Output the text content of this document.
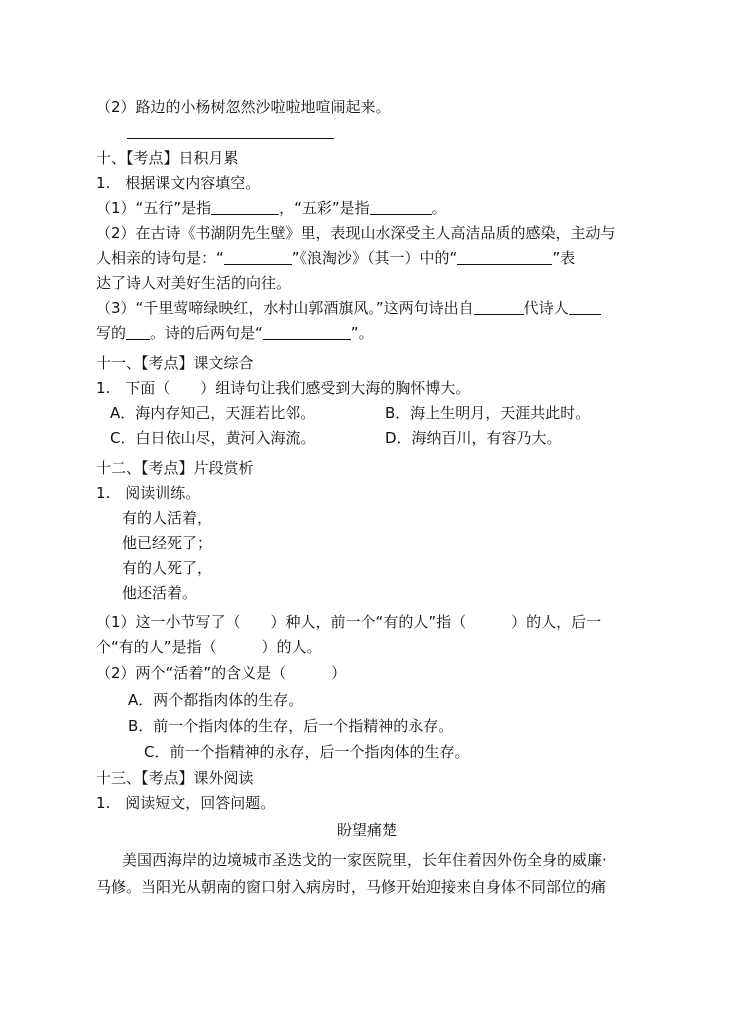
（2）路边的小杨树忽然沙啦啦地喧闹起来。
十、【考点】日积月累
1.　根据课文内容填空。
（1）“五行”是指	，“五彩”是指	。
（2）在古诗《书湖阴先生壁》里，表现山水深受主人高洁品质的感染，主动与
人相亲的诗句是：“	”《浪淘沙》（其一）中的“	”表
达了诗人对美好生活的向往。
（3）“千里莺啼绿映红，水村山郭酒旗风。”这两句诗出自	代诗人
写的 。诗的后两句是“	”。
十一、【考点】课文综合
1.　下面（　　）组诗句让我们感受到大海的胸怀博大。
A．海内存知己，天涯若比邻。	B．海上生明月，天涯共此时。
C．白日依山尽，黄河入海流。	D．海纳百川，有容乃大。
十二、【考点】片段赏析
1.　阅读训练。
有的人活着，
他已经死了；
有的人死了，
他还活着。
（1）这一小节写了（　　）种人，前一个“有的人”指（　　　）的人，后一
个“有的人”是指（　　　）的人。
（2）两个“活着”的含义是（　　　）
A．两个都指肉体的生存。
B．前一个指肉体的生存，后一个指精神的永存。
C．前一个指精神的永存，后一个指肉体的生存。
十三、【考点】课外阅读
1.　阅读短文，回答问题。
盼望痛楚
美国西海岸的边境城市圣迭戈的一家医院里，长年住着因外伤全身的威廉·
马修。当阳光从朝南的窗口射入病房时，马修开始迎接来自身体不同部位的痛
